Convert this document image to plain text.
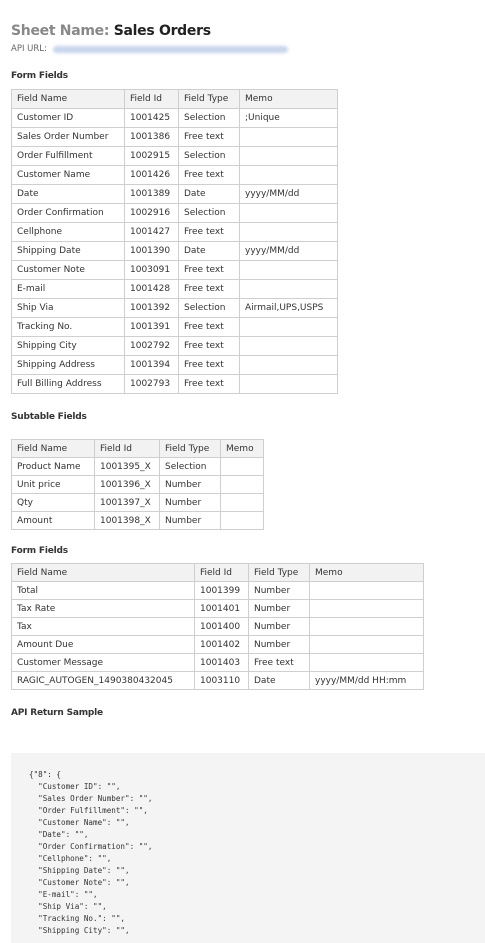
Sheet Name: Sales Orders
API URL:
Form Fields
Field Name	Field Id	Field Type	Memo
Customer ID	1001425	Selection	;Unique
Sales Order Number	1001386	Free text	
Order Fulfillment	1002915	Selection	
Customer Name	1001426	Free text	
Date	1001389	Date	yyyy/MM/dd
Order Confirmation	1002916	Selection	
Cellphone	1001427	Free text	
Shipping Date	1001390	Date	yyyy/MM/dd
Customer Note	1003091	Free text	
E-mail	1001428	Free text	
Ship Via	1001392	Selection	Airmail,UPS,USPS
Tracking No.	1001391	Free text	
Shipping City	1002792	Free text	
Shipping Address	1001394	Free text	
Full Billing Address	1002793	Free text	
Subtable Fields
Field Name	Field Id	Field Type	Memo
Product Name	1001395_X	Selection	
Unit price	1001396_X	Number	
Qty	1001397_X	Number	
Amount	1001398_X	Number	
Form Fields
Field Name	Field Id	Field Type	Memo
Total	1001399	Number	
Tax Rate	1001401	Number	
Tax	1001400	Number	
Amount Due	1001402	Number	
Customer Message	1001403	Free text	
RAGIC_AUTOGEN_1490380432045	1003110	Date	yyyy/MM/dd HH:mm
API Return Sample
{"8": {
"Customer ID": "",
"Sales Order Number": "",
"Order Fulfillment": "",
"Customer Name": "",
"Date": "",
"Order Confirmation": "",
"Cellphone": "",
"Shipping Date": "",
"Customer Note": "",
"E-mail": "",
"Ship Via": "",
"Tracking No.": "",
"Shipping City": "",
